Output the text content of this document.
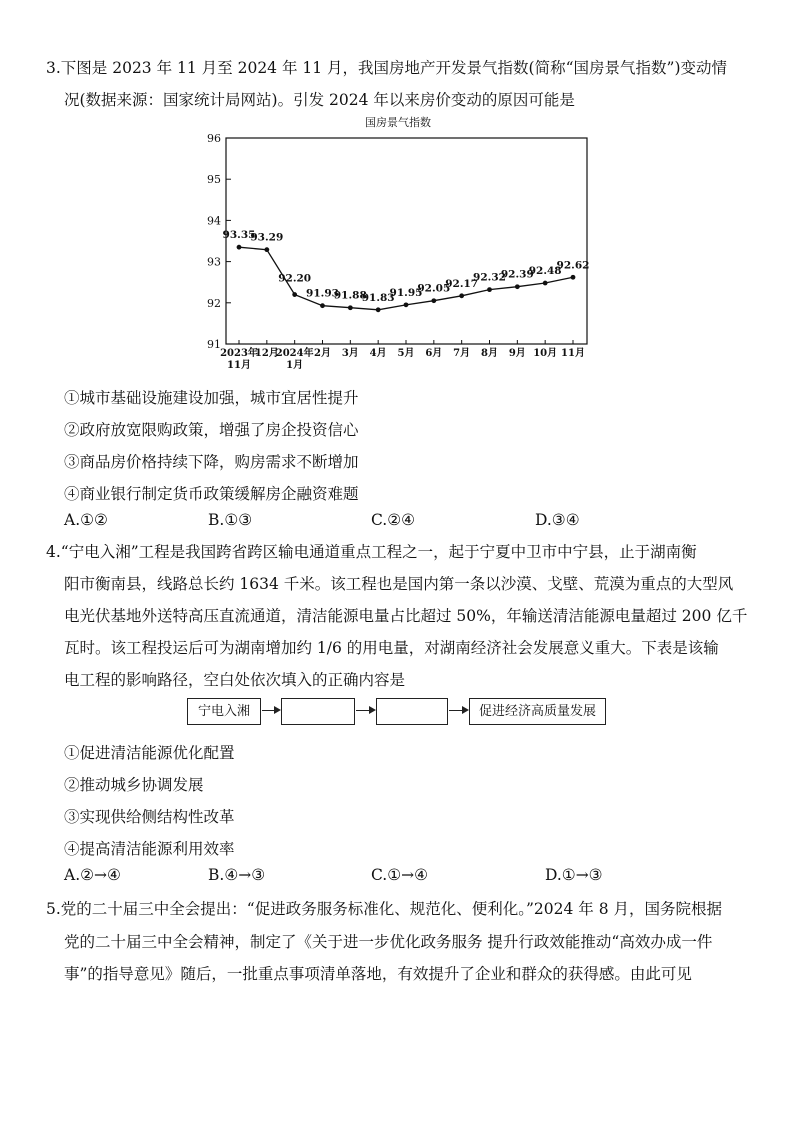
3.下图是 2023 年 11 月至 2024 年 11 月，我国房地产开发景气指数(简称“国房景气指数”)变动情
况(数据来源：国家统计局网站)。引发 2024 年以来房价变动的原因可能是
国房景气指数
91
92
93
94
95
96
2023年
11月
12月
2024年
1月
2月 3月 4月 5月 6月 7月 8月 9月 10月 11月
93.35
93.29
92.20
91.93
91.88
91.83
91.95
92.05
92.17
92.32
92.39
92.48
92.62
①城市基础设施建设加强，城市宜居性提升
②政府放宽限购政策，增强了房企投资信心
③商品房价格持续下降，购房需求不断增加
④商业银行制定货币政策缓解房企融资难题
A.①②	B.①③	C.②④	D.③④
4.“宁电入湘”工程是我国跨省跨区输电通道重点工程之一，起于宁夏中卫市中宁县，止于湖南衡
阳市衡南县，线路总长约 1634 千米。该工程也是国内第一条以沙漠、戈壁、荒漠为重点的大型风
电光伏基地外送特高压直流通道，清洁能源电量占比超过 50%，年输送清洁能源电量超过 200 亿千
瓦时。该工程投运后可为湖南增加约 1/6 的用电量，对湖南经济社会发展意义重大。下表是该输
电工程的影响路径，空白处依次填入的正确内容是
宁电入湘	促进经济高质量发展
①促进清洁能源优化配置
②推动城乡协调发展
③实现供给侧结构性改革
④提高清洁能源利用效率
A.②→④	B.④→③	C.①→④	D.①→③
5.党的二十届三中全会提出：“促进政务服务标准化、规范化、便利化。”2024 年 8 月，国务院根据
党的二十届三中全会精神，制定了《关于进一步优化政务服务 提升行政效能推动“高效办成一件
事”的指导意见》随后，一批重点事项清单落地，有效提升了企业和群众的获得感。由此可见
